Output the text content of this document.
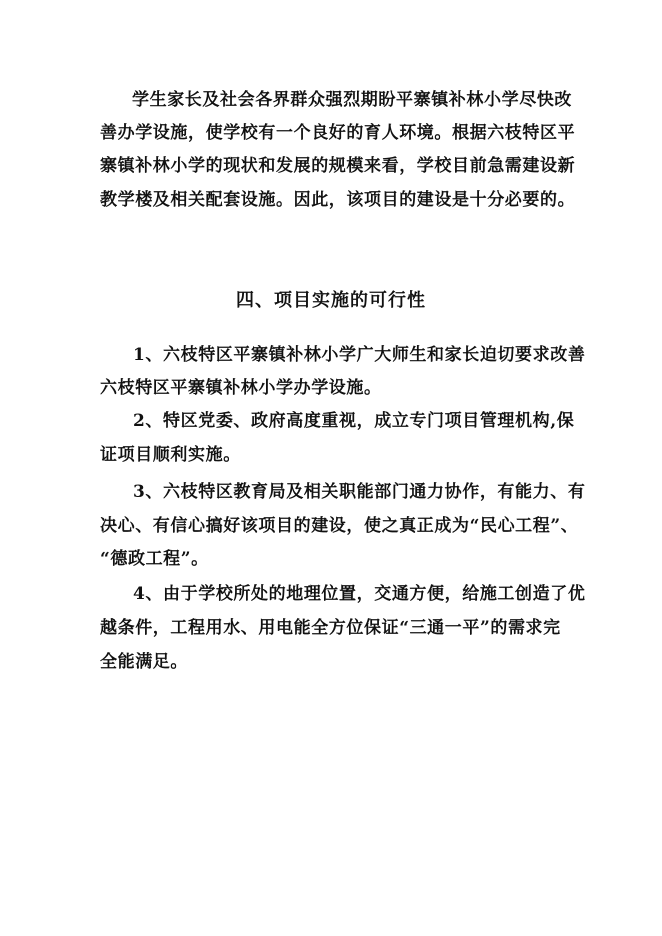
学生家长及社会各界群众强烈期盼平寨镇补林小学尽快改
善办学设施，使学校有一个良好的育人环境。根据六枝特区平
寨镇补林小学的现状和发展的规模来看，学校目前急需建设新
教学楼及相关配套设施。因此，该项目的建设是十分必要的。
四、项目实施的可行性
1、六枝特区平寨镇补林小学广大师生和家长迫切要求改善
六枝特区平寨镇补林小学办学设施。
2、特区党委、政府高度重视，成立专门项目管理机构,保
证项目顺利实施。
3、六枝特区教育局及相关职能部门通力协作，有能力、有
决心、有信心搞好该项目的建设，使之真正成为“民心工程”、
“德政工程”。
4、由于学校所处的地理位置，交通方便，给施工创造了优
越条件，工程用水、用电能全方位保证“三通一平”的需求完
全能满足。
